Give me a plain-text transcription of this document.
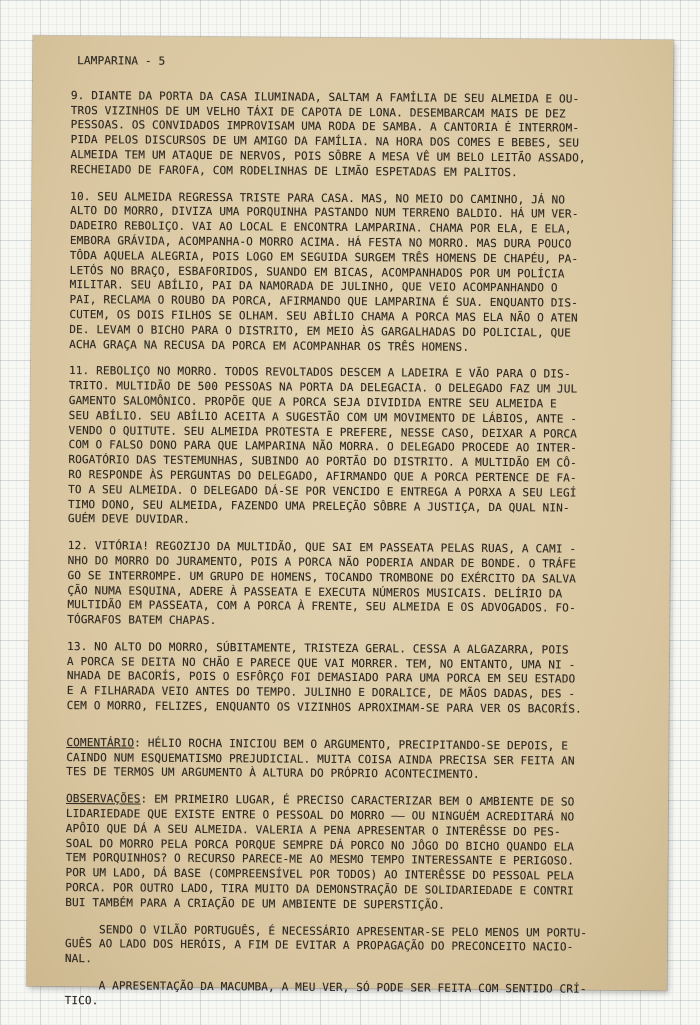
LAMPARINA - 5
9. DIANTE DA PORTA DA CASA ILUMINADA, SALTAM A FAMÍLIA DE SEU ALMEIDA E OU-
TROS VIZINHOS DE UM VELHO TÁXI DE CAPOTA DE LONA. DESEMBARCAM MAIS DE DEZ
PESSOAS. OS CONVIDADOS IMPROVISAM UMA RODA DE SAMBA. A CANTORIA É INTERROM-
PIDA PELOS DISCURSOS DE UM AMIGO DA FAMÍLIA. NA HORA DOS COMES E BEBES, SEU
ALMEIDA TEM UM ATAQUE DE NERVOS, POIS SÔBRE A MESA VÊ UM BELO LEITÃO ASSADO,
RECHEIADO DE FAROFA, COM RODELINHAS DE LIMÃO ESPETADAS EM PALITOS.
10. SEU ALMEIDA REGRESSA TRISTE PARA CASA. MAS, NO MEIO DO CAMINHO, JÁ NO
ALTO DO MORRO, DIVIZA UMA PORQUINHA PASTANDO NUM TERRENO BALDIO. HÁ UM VER-
DADEIRO REBOLIÇO. VAI AO LOCAL E ENCONTRA LAMPARINA. CHAMA POR ELA, E ELA,
EMBORA GRÁVIDA, ACOMPANHA-O MORRO ACIMA. HÁ FESTA NO MORRO. MAS DURA POUCO
TÔDA AQUELA ALEGRIA, POIS LOGO EM SEGUIDA SURGEM TRÊS HOMENS DE CHAPÉU, PA-
LETÓS NO BRAÇO, ESBAFORIDOS, SUANDO EM BICAS, ACOMPANHADOS POR UM POLÍCIA
MILITAR. SEU ABÍLIO, PAI DA NAMORADA DE JULINHO, QUE VEIO ACOMPANHANDO O
PAI, RECLAMA O ROUBO DA PORCA, AFIRMANDO QUE LAMPARINA É SUA. ENQUANTO DIS-
CUTEM, OS DOIS FILHOS SE OLHAM. SEU ABÍLIO CHAMA A PORCA MAS ELA NÃO O ATEN
DE. LEVAM O BICHO PARA O DISTRITO, EM MEIO ÀS GARGALHADAS DO POLICIAL, QUE
ACHA GRAÇA NA RECUSA DA PORCA EM ACOMPANHAR OS TRÊS HOMENS.
11. REBOLIÇO NO MORRO. TODOS REVOLTADOS DESCEM A LADEIRA E VÃO PARA O DIS-
TRITO. MULTIDÃO DE 500 PESSOAS NA PORTA DA DELEGACIA. O DELEGADO FAZ UM JUL
GAMENTO SALOMÔNICO. PROPÕE QUE A PORCA SEJA DIVIDIDA ENTRE SEU ALMEIDA E
SEU ABÍLIO. SEU ABÍLIO ACEITA A SUGESTÃO COM UM MOVIMENTO DE LÁBIOS, ANTE -
VENDO O QUITUTE. SEU ALMEIDA PROTESTA E PREFERE, NESSE CASO, DEIXAR A PORCA
COM O FALSO DONO PARA QUE LAMPARINA NÃO MORRA. O DELEGADO PROCEDE AO INTER-
ROGATÓRIO DAS TESTEMUNHAS, SUBINDO AO PORTÃO DO DISTRITO. A MULTIDÃO EM CÔ-
RO RESPONDE ÀS PERGUNTAS DO DELEGADO, AFIRMANDO QUE A PORCA PERTENCE DE FA-
TO A SEU ALMEIDA. O DELEGADO DÁ-SE POR VENCIDO E ENTREGA A PORXA A SEU LEGÍ
TIMO DONO, SEU ALMEIDA, FAZENDO UMA PRELEÇÃO SÔBRE A JUSTIÇA, DA QUAL NIN-
GUÉM DEVE DUVIDAR.
12. VITÓRIA! REGOZIJO DA MULTIDÃO, QUE SAI EM PASSEATA PELAS RUAS, A CAMI -
NHO DO MORRO DO JURAMENTO, POIS A PORCA NÃO PODERIA ANDAR DE BONDE. O TRÁFE
GO SE INTERROMPE. UM GRUPO DE HOMENS, TOCANDO TROMBONE DO EXÉRCITO DA SALVA
ÇÃO NUMA ESQUINA, ADERE À PASSEATA E EXECUTA NÚMEROS MUSICAIS. DELÍRIO DA
MULTIDÃO EM PASSEATA, COM A PORCA À FRENTE, SEU ALMEIDA E OS ADVOGADOS. FO-
TÓGRAFOS BATEM CHAPAS.
13. NO ALTO DO MORRO, SÚBITAMENTE, TRISTEZA GERAL. CESSA A ALGAZARRA, POIS
A PORCA SE DEITA NO CHÃO E PARECE QUE VAI MORRER. TEM, NO ENTANTO, UMA NI -
NHADA DE BACORÍS, POIS O ESFÔRÇO FOI DEMASIADO PARA UMA PORCA EM SEU ESTADO
E A FILHARADA VEIO ANTES DO TEMPO. JULINHO E DORALICE, DE MÃOS DADAS, DES -
CEM O MORRO, FELIZES, ENQUANTO OS VIZINHOS APROXIMAM-SE PARA VER OS BACORÍS.
COMENTÁRIO: HÉLIO ROCHA INICIOU BEM O ARGUMENTO, PRECIPITANDO-SE DEPOIS, E
CAINDO NUM ESQUEMATISMO PREJUDICIAL. MUITA COISA AINDA PRECISA SER FEITA AN
TES DE TERMOS UM ARGUMENTO À ALTURA DO PRÓPRIO ACONTECIMENTO.
OBSERVAÇÕES: EM PRIMEIRO LUGAR, É PRECISO CARACTERIZAR BEM O AMBIENTE DE SO
LIDARIEDADE QUE EXISTE ENTRE O PESSOAL DO MORRO —— OU NINGUÉM ACREDITARÁ NO
APÔIO QUE DÁ A SEU ALMEIDA. VALERIA A PENA APRESENTAR O INTERÊSSE DO PES-
SOAL DO MORRO PELA PORCA PORQUE SEMPRE DÁ PORCO NO JÔGO DO BICHO QUANDO ELA
TEM PORQUINHOS? O RECURSO PARECE-ME AO MESMO TEMPO INTERESSANTE E PERIGOSO.
POR UM LADO, DÁ BASE (COMPREENSÍVEL POR TODOS) AO INTERÊSSE DO PESSOAL PELA
PORCA. POR OUTRO LADO, TIRA MUITO DA DEMONSTRAÇÃO DE SOLIDARIEDADE E CONTRI
BUI TAMBÉM PARA A CRIAÇÃO DE UM AMBIENTE DE SUPERSTIÇÃO.
SENDO O VILÃO PORTUGUÊS, É NECESSÁRIO APRESENTAR-SE PELO MENOS UM PORTU-
GUÊS AO LADO DOS HERÓIS, A FIM DE EVITAR A PROPAGAÇÃO DO PRECONCEITO NACIO-
NAL.
A APRESENTAÇÃO DA MACUMBA, A MEU VER, SÓ PODE SER FEITA COM SENTIDO CRÍ-
TICO.
